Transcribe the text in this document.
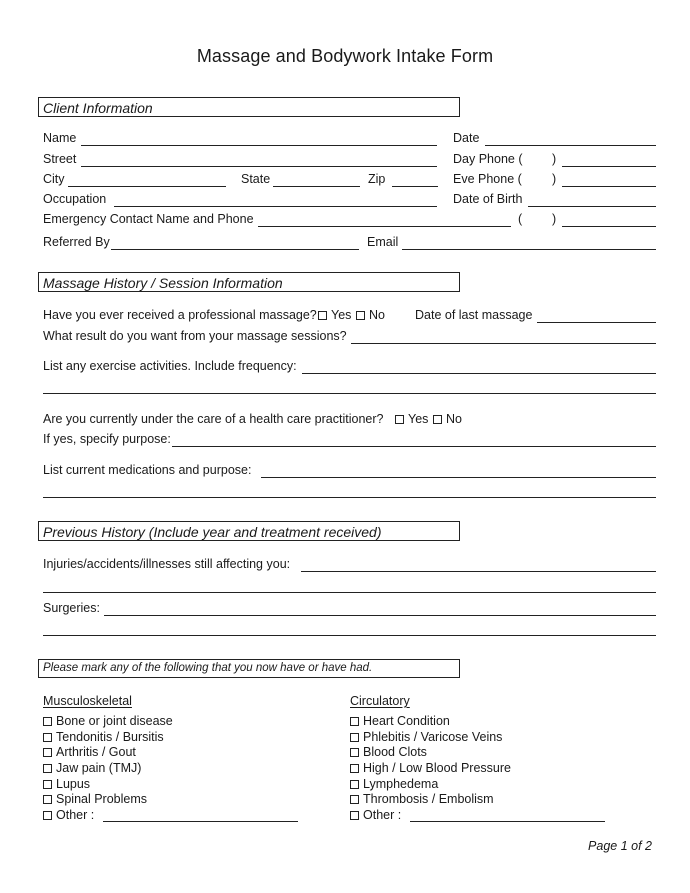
Massage and Bodywork Intake Form
Client Information
Name	Date
Street	Day Phone ( )
City	State	Zip	Eve Phone ( )
Occupation	Date of Birth
Emergency Contact Name and Phone	( )
Referred By	Email
Massage History / Session Information
Have you ever received a professional massage?	Yes	No Date of last massage
What result do you want from your massage sessions?
List any exercise activities. Include frequency:
Are you currently under the care of a health care practitioner?	Yes	No
If yes, specify purpose:
List current medications and purpose:
Previous History (Include year and treatment received)
Injuries/accidents/illnesses still affecting you:
Surgeries:
Please mark any of the following that you now have or have had.
Musculoskeletal
Bone or joint disease
Tendonitis / Bursitis
Arthritis / Gout
Jaw pain (TMJ)
Lupus
Spinal Problems
Other :
Circulatory
Heart Condition
Phlebitis / Varicose Veins
Blood Clots
High / Low Blood Pressure
Lymphedema
Thrombosis / Embolism
Other :
Page 1 of 2
